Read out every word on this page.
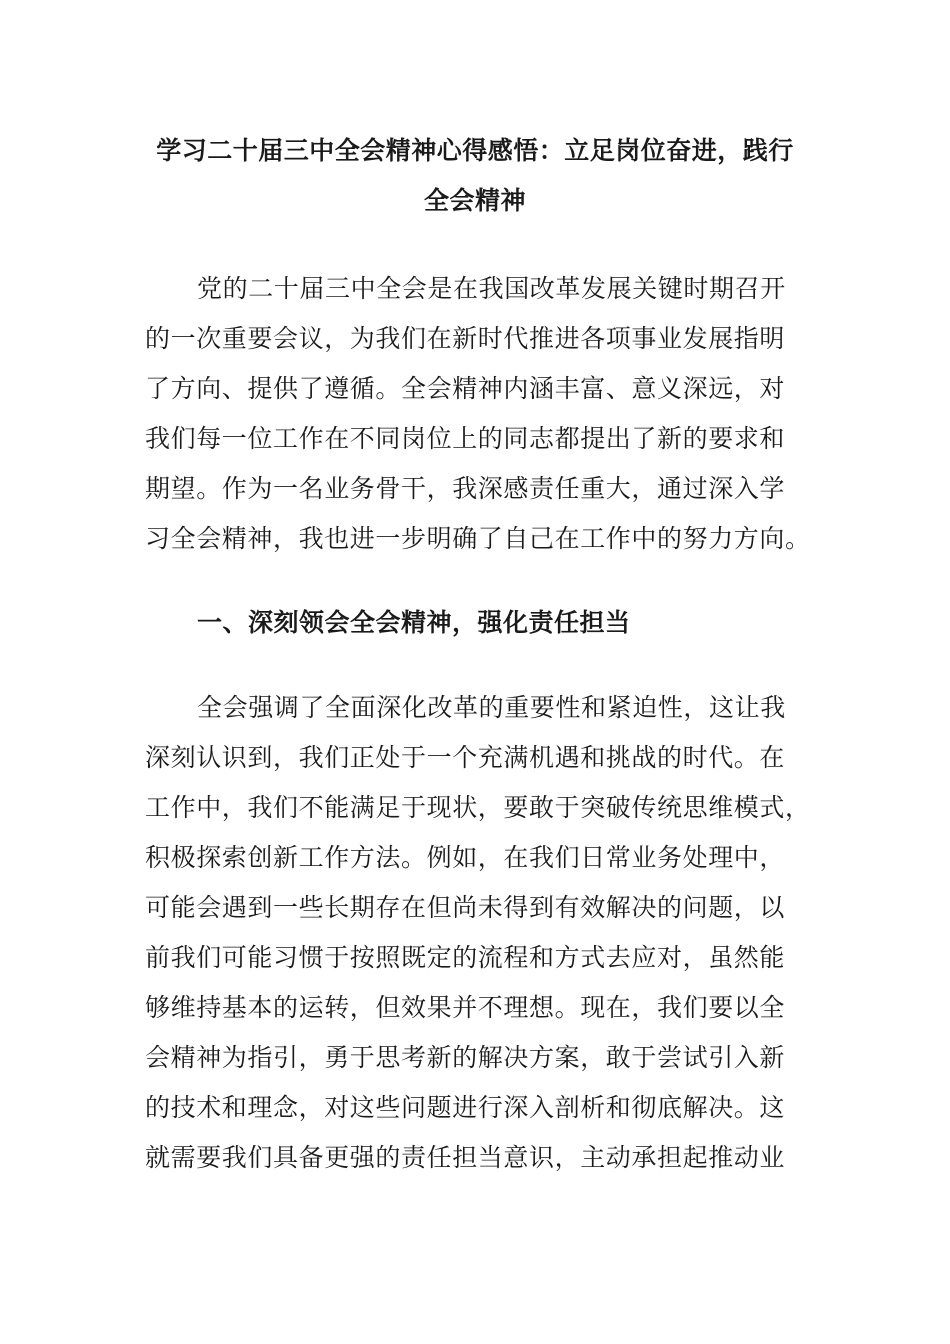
学习二十届三中全会精神心得感悟：立足岗位奋进，践行
全会精神
党的二十届三中全会是在我国改革发展关键时期召开
的一次重要会议，为我们在新时代推进各项事业发展指明
了方向、提供了遵循。全会精神内涵丰富、意义深远，对
我们每一位工作在不同岗位上的同志都提出了新的要求和
期望。作为一名业务骨干，我深感责任重大，通过深入学
习全会精神，我也进一步明确了自己在工作中的努力方向。
一、深刻领会全会精神，强化责任担当
全会强调了全面深化改革的重要性和紧迫性，这让我
深刻认识到，我们正处于一个充满机遇和挑战的时代。在
工作中，我们不能满足于现状，要敢于突破传统思维模式，
积极探索创新工作方法。例如，在我们日常业务处理中，
可能会遇到一些长期存在但尚未得到有效解决的问题，以
前我们可能习惯于按照既定的流程和方式去应对，虽然能
够维持基本的运转，但效果并不理想。现在，我们要以全
会精神为指引，勇于思考新的解决方案，敢于尝试引入新
的技术和理念，对这些问题进行深入剖析和彻底解决。这
就需要我们具备更强的责任担当意识，主动承担起推动业
